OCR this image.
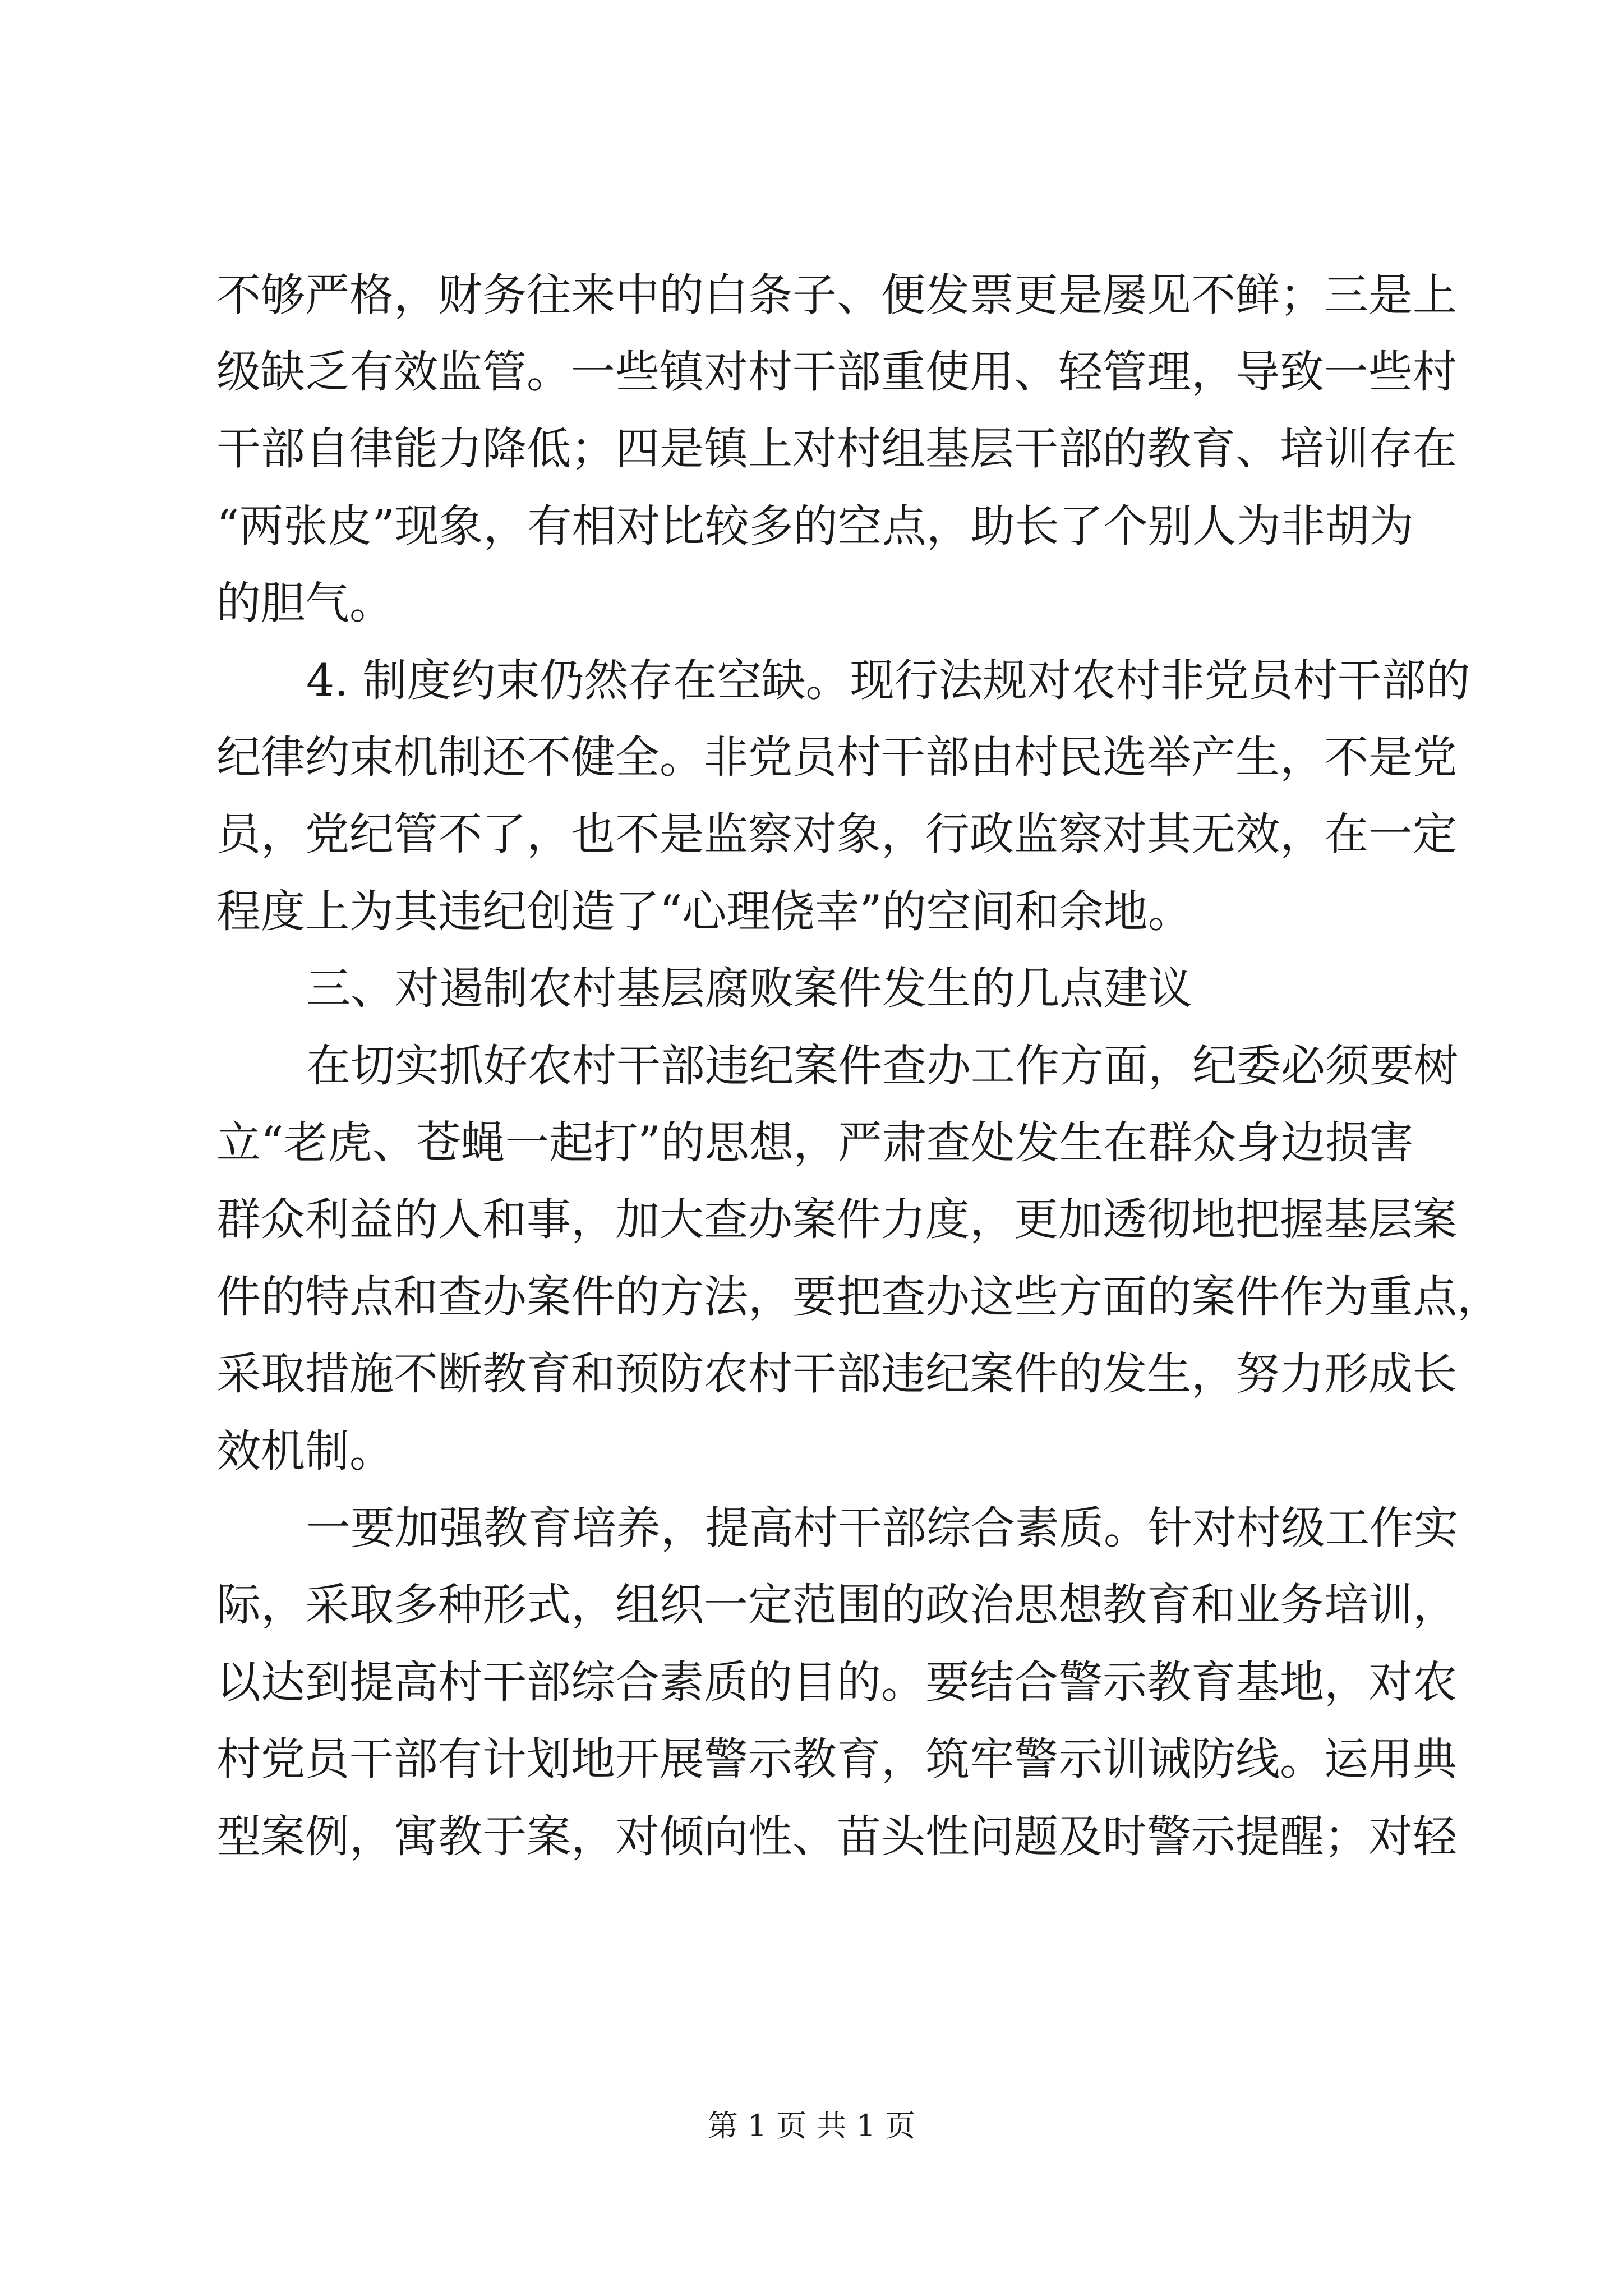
不够严格，财务往来中的白条子、便发票更是屡见不鲜；三是上
级缺乏有效监管。一些镇对村干部重使用、轻管理，导致一些村
干部自律能力降低；四是镇上对村组基层干部的教育、培训存在
“两张皮”现象，有相对比较多的空点，助长了个别人为非胡为
的胆气。
4. 制度约束仍然存在空缺。现行法规对农村非党员村干部的
纪律约束机制还不健全。非党员村干部由村民选举产生，不是党
员，党纪管不了，也不是监察对象，行政监察对其无效，在一定
程度上为其违纪创造了“心理侥幸”的空间和余地。
三、对遏制农村基层腐败案件发生的几点建议
在切实抓好农村干部违纪案件查办工作方面，纪委必须要树
立“老虎、苍蝇一起打”的思想，严肃查处发生在群众身边损害
群众利益的人和事，加大查办案件力度，更加透彻地把握基层案
件的特点和查办案件的方法，要把查办这些方面的案件作为重点，
采取措施不断教育和预防农村干部违纪案件的发生，努力形成长
效机制。
一要加强教育培养，提高村干部综合素质。针对村级工作实
际，采取多种形式，组织一定范围的政治思想教育和业务培训，
以达到提高村干部综合素质的目的。要结合警示教育基地，对农
村党员干部有计划地开展警示教育，筑牢警示训诫防线。运用典
型案例，寓教于案，对倾向性、苗头性问题及时警示提醒；对轻
第 1 页 共 1 页
